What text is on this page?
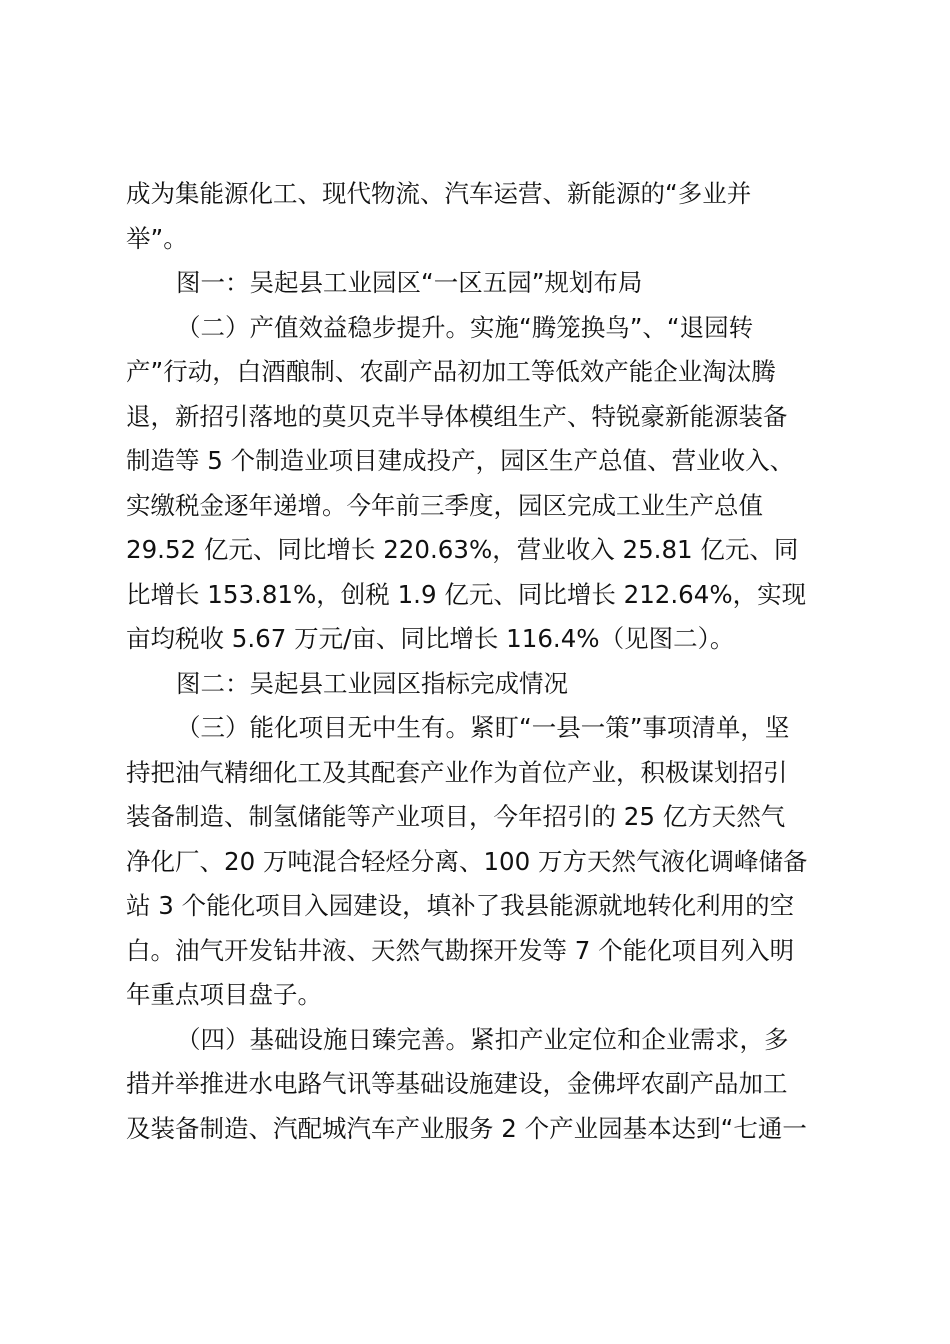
成为集能源化工、现代物流、汽车运营、新能源的“多业并
举”。
图一：吴起县工业园区“一区五园”规划布局
（二）产值效益稳步提升。实施“腾笼换鸟”、“退园转
产”行动，白酒酿制、农副产品初加工等低效产能企业淘汰腾
退，新招引落地的莫贝克半导体模组生产、特锐豪新能源装备
制造等 5 个制造业项目建成投产，园区生产总值、营业收入、
实缴税金逐年递增。今年前三季度，园区完成工业生产总值
29.52 亿元、同比增长 220.63%，营业收入 25.81 亿元、同
比增长 153.81%，创税 1.9 亿元、同比增长 212.64%，实现
亩均税收 5.67 万元/亩、同比增长 116.4%（见图二）。
图二：吴起县工业园区指标完成情况
（三）能化项目无中生有。紧盯“一县一策”事项清单，坚
持把油气精细化工及其配套产业作为首位产业，积极谋划招引
装备制造、制氢储能等产业项目，今年招引的 25 亿方天然气
净化厂、20 万吨混合轻烃分离、100 万方天然气液化调峰储备
站 3 个能化项目入园建设，填补了我县能源就地转化利用的空
白。油气开发钻井液、天然气勘探开发等 7 个能化项目列入明
年重点项目盘子。
（四）基础设施日臻完善。紧扣产业定位和企业需求，多
措并举推进水电路气讯等基础设施建设，金佛坪农副产品加工
及装备制造、汽配城汽车产业服务 2 个产业园基本达到“七通一
